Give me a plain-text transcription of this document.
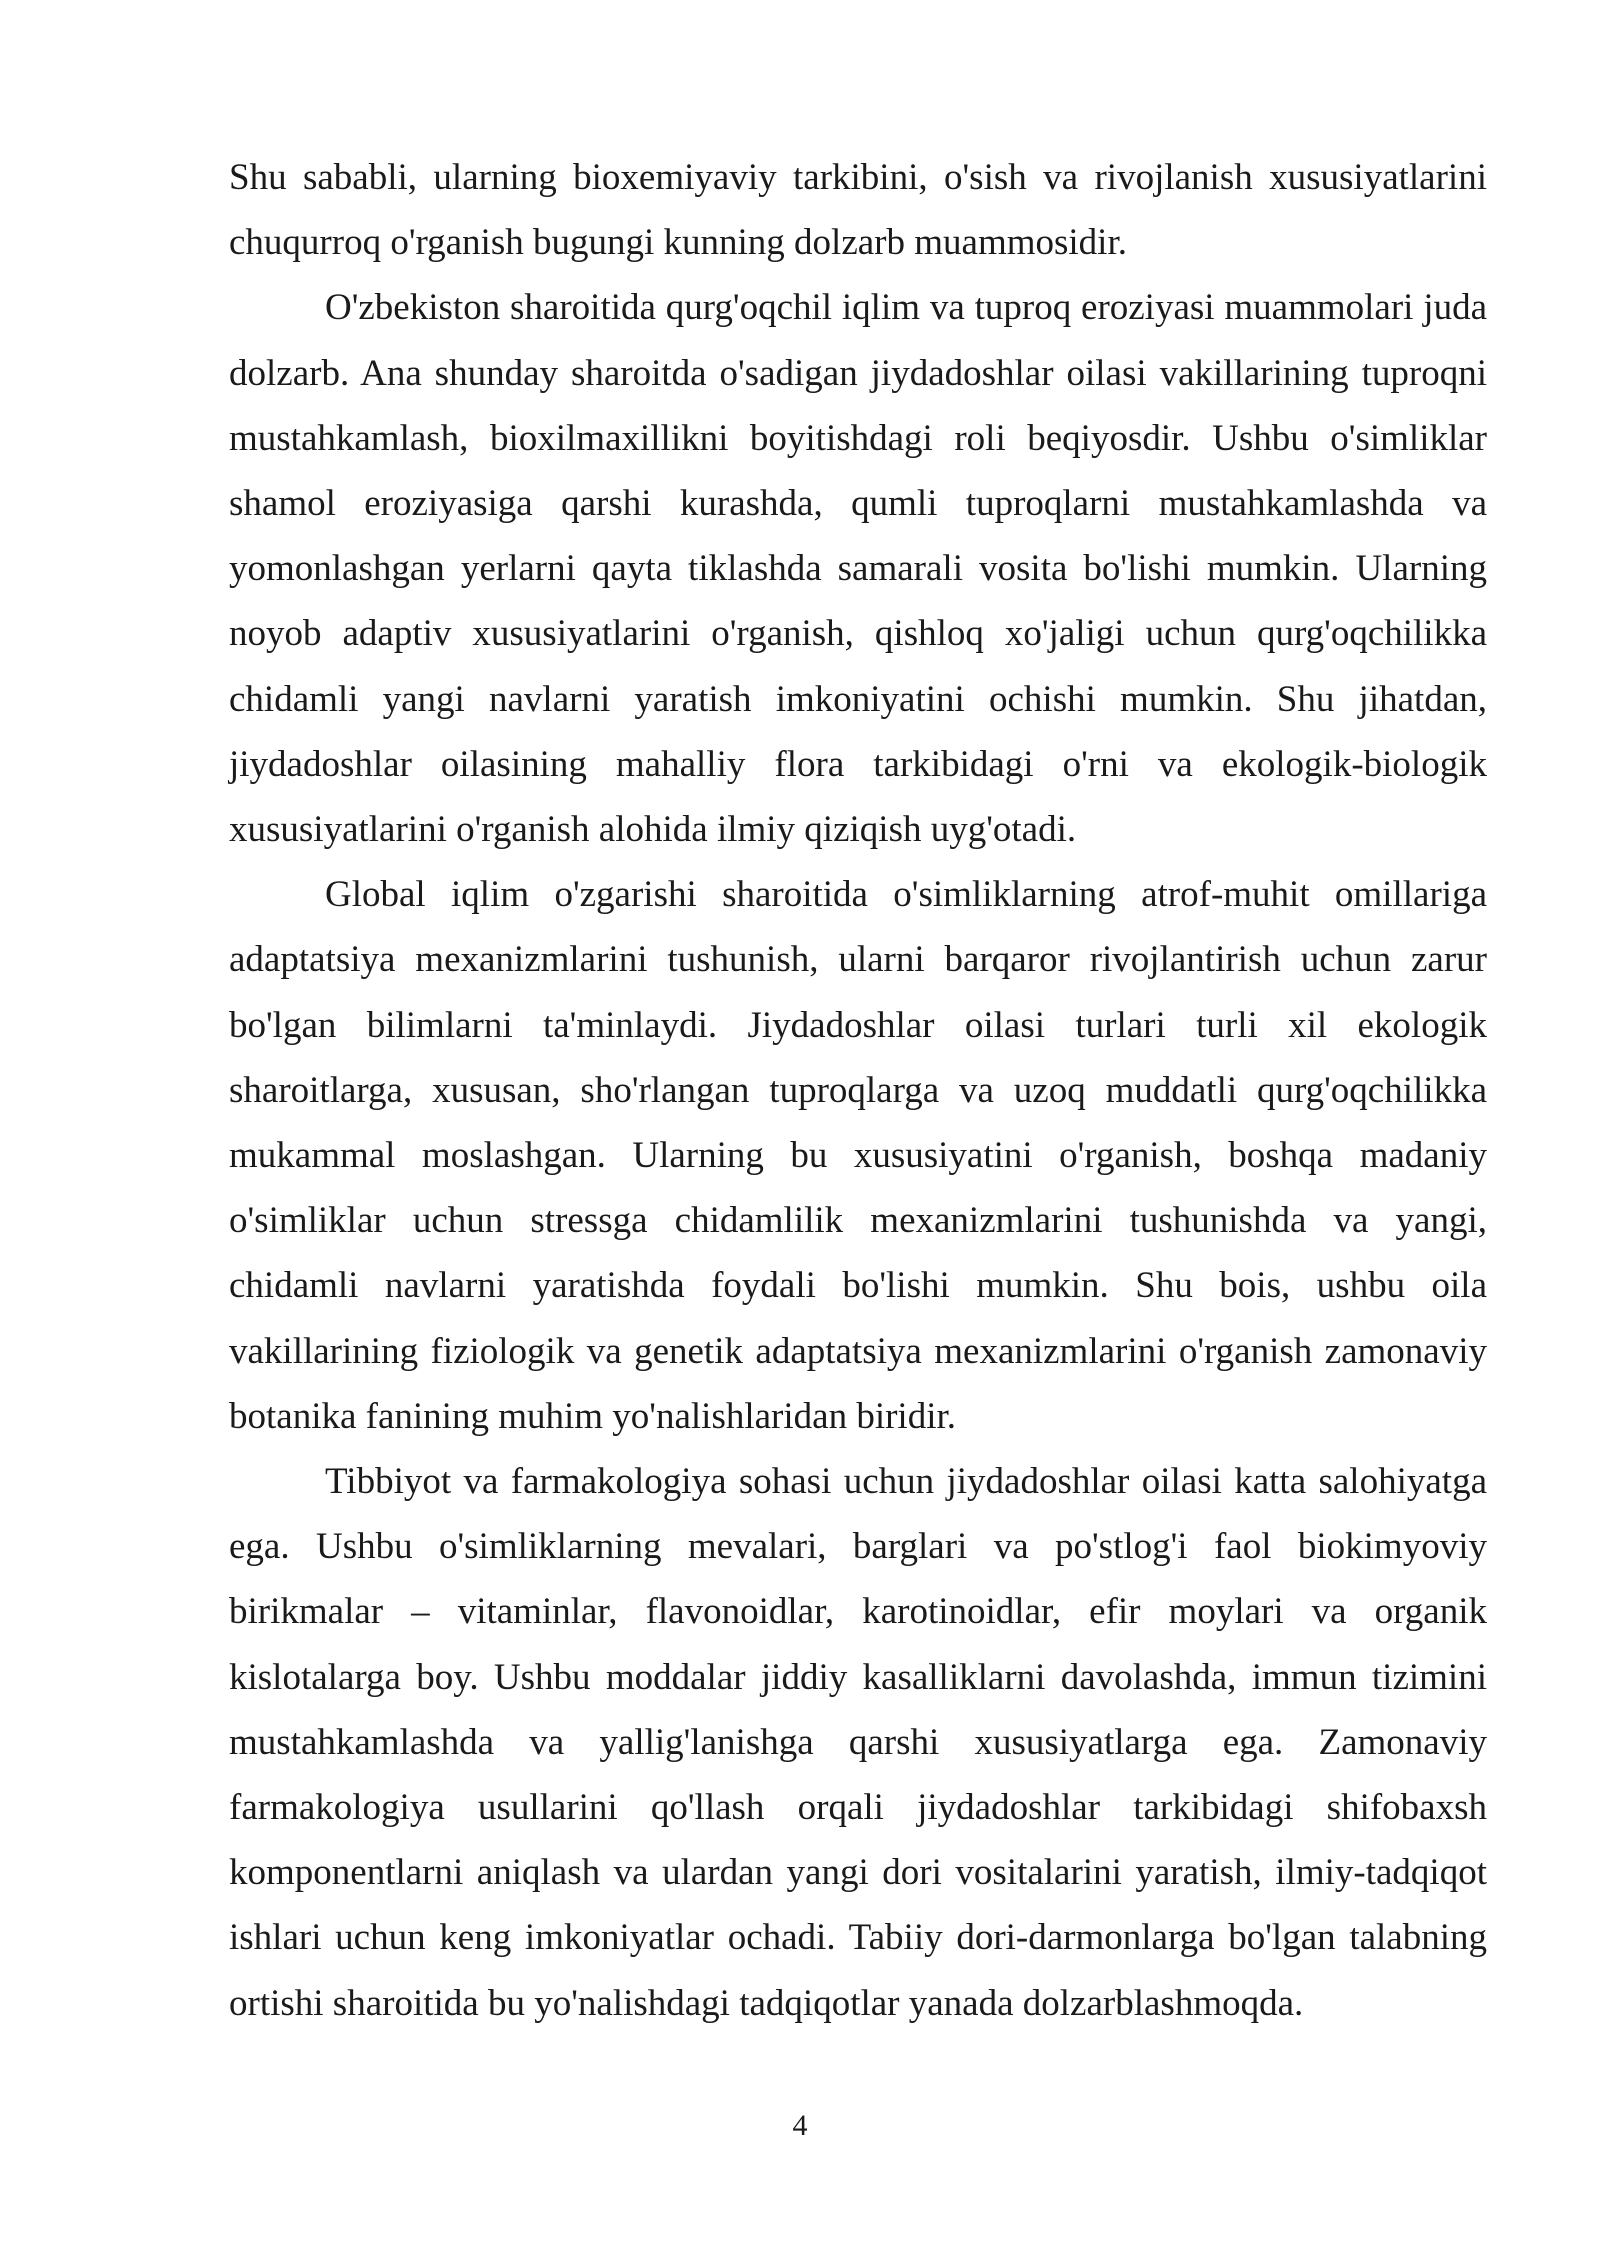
Shu sababli, ularning bioxemiyaviy tarkibini, o'sish va rivojlanish xususiyatlarini chuqurroq o'rganish bugungi kunning dolzarb muammosidir.

O'zbekiston sharoitida qurg'oqchil iqlim va tuproq eroziyasi muammolari juda dolzarb. Ana shunday sharoitda o'sadigan jiydadoshlar oilasi vakillarining tuproqni mustahkamlash, bioxilmaxillikni boyitishdagi roli beqiyosdir. Ushbu o'simliklar shamol eroziyasiga qarshi kurashda, qumli tuproqlarni mustahkamlashda va yomonlashgan yerlarni qayta tiklashda samarali vosita bo'lishi mumkin. Ularning noyob adaptiv xususiyatlarini o'rganish, qishloq xo'jaligi uchun qurg'oqchilikka chidamli yangi navlarni yaratish imkoniyatini ochishi mumkin. Shu jihatdan, jiydadoshlar oilasining mahalliy flora tarkibidagi o'rni va ekologik-biologik xususiyatlarini o'rganish alohida ilmiy qiziqish uyg'otadi.

Global iqlim o'zgarishi sharoitida o'simliklarning atrof-muhit omillariga adaptatsiya mexanizmlarini tushunish, ularni barqaror rivojlantirish uchun zarur bo'lgan bilimlarni ta'minlaydi. Jiydadoshlar oilasi turlari turli xil ekologik sharoitlarga, xususan, sho'rlangan tuproqlarga va uzoq muddatli qurg'oqchilikka mukammal moslashgan. Ularning bu xususiyatini o'rganish, boshqa madaniy o'simliklar uchun stressga chidamlilik mexanizmlarini tushunishda va yangi, chidamli navlarni yaratishda foydali bo'lishi mumkin. Shu bois, ushbu oila vakillarining fiziologik va genetik adaptatsiya mexanizmlarini o'rganish zamonaviy botanika fanining muhim yo'nalishlaridan biridir.

Tibbiyot va farmakologiya sohasi uchun jiydadoshlar oilasi katta salohiyatga ega. Ushbu o'simliklarning mevalari, barglari va po'stlog'i faol biokimyoviy birikmalar – vitaminlar, flavonoidlar, karotinoidlar, efir moylari va organik kislotalarga boy. Ushbu moddalar jiddiy kasalliklarni davolashda, immun tizimini mustahkamlashda va yallig'lanishga qarshi xususiyatlarga ega. Zamonaviy farmakologiya usullarini qo'llash orqali jiydadoshlar tarkibidagi shifobaxsh komponentlarni aniqlash va ulardan yangi dori vositalarini yaratish, ilmiy-tadqiqot ishlari uchun keng imkoniyatlar ochadi. Tabiiy dori-darmonlarga bo'lgan talabning ortishi sharoitida bu yo'nalishdagi tadqiqotlar yanada dolzarblashmoqda.

4
